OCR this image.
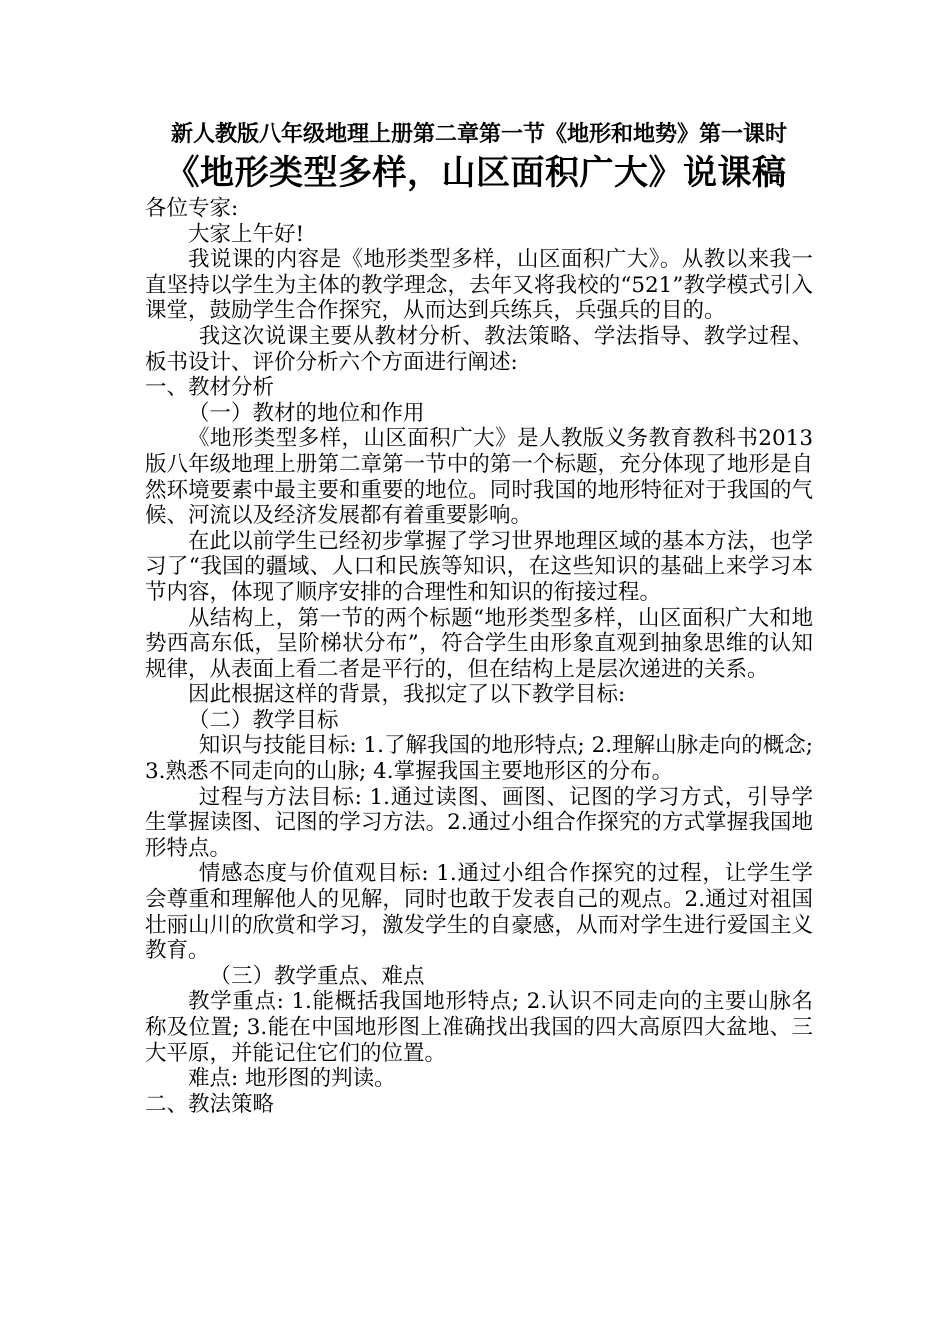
新人教版八年级地理上册第二章第一节《地形和地势》第一课时

《地形类型多样，山区面积广大》说课稿

各位专家:

大家上午好!

我说课的内容是《地形类型多样，山区面积广大》。从教以来我一直坚持以学生为主体的教学理念，去年又将我校的“521”教学模式引入课堂，鼓励学生合作探究，从而达到兵练兵，兵强兵的目的。

我这次说课主要从教材分析、教法策略、学法指导、教学过程、板书设计、评价分析六个方面进行阐述:

一、教材分析

（一）教材的地位和作用

《地形类型多样，山区面积广大》是人教版义务教育教科书2013版八年级地理上册第二章第一节中的第一个标题，充分体现了地形是自然环境要素中最主要和重要的地位。同时我国的地形特征对于我国的气候、河流以及经济发展都有着重要影响。

在此以前学生已经初步掌握了学习世界地理区域的基本方法，也学习了“我国的疆域、人口和民族等知识，在这些知识的基础上来学习本节内容，体现了顺序安排的合理性和知识的衔接过程。

从结构上，第一节的两个标题“地形类型多样，山区面积广大和地势西高东低，呈阶梯状分布”，符合学生由形象直观到抽象思维的认知规律，从表面上看二者是平行的，但在结构上是层次递进的关系。

因此根据这样的背景，我拟定了以下教学目标:

（二）教学目标

知识与技能目标: 1.了解我国的地形特点; 2.理解山脉走向的概念; 3.熟悉不同走向的山脉; 4.掌握我国主要地形区的分布。

过程与方法目标: 1.通过读图、画图、记图的学习方式，引导学生掌握读图、记图的学习方法。2.通过小组合作探究的方式掌握我国地形特点。

情感态度与价值观目标: 1.通过小组合作探究的过程，让学生学会尊重和理解他人的见解，同时也敢于发表自己的观点。2.通过对祖国壮丽山川的欣赏和学习，激发学生的自豪感，从而对学生进行爱国主义教育。

（三）教学重点、难点

教学重点: 1.能概括我国地形特点; 2.认识不同走向的主要山脉名称及位置; 3.能在中国地形图上准确找出我国的四大高原四大盆地、三大平原，并能记住它们的位置。

难点: 地形图的判读。

二、教法策略
